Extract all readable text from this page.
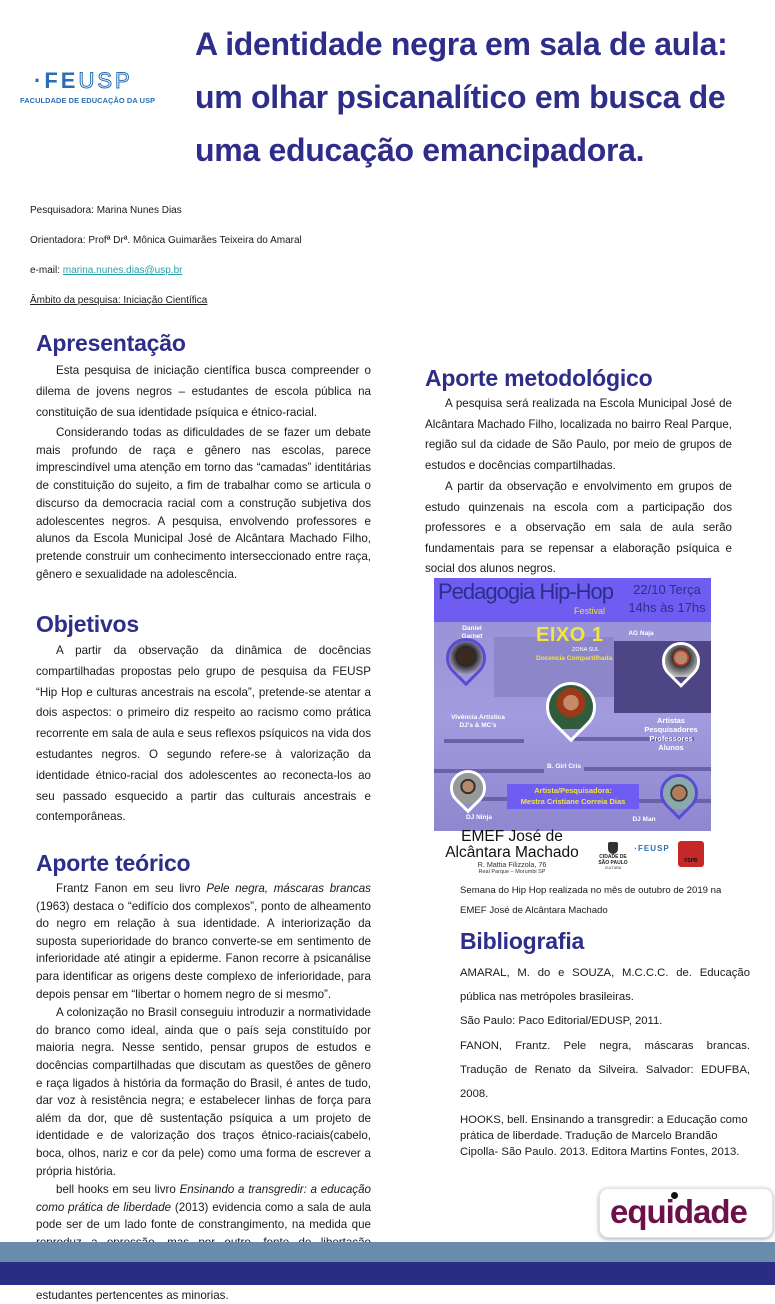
·FEUSP
FACULDADE DE EDUCAÇÃO DA USP
A identidade negra em sala de aula: um olhar psicanalítico em busca de uma educação emancipadora.
Pesquisadora: Marina Nunes Dias
Orientadora: Profª Drª. Mônica Guimarães Teixeira do Amaral
e-mail: marina.nunes.dias@usp.br
Âmbito da pesquisa: Iniciação Científica
Apresentação

Esta pesquisa de iniciação científica busca compreender o dilema de jovens negros – estudantes de escola pública na constituição de sua identidade psíquica e étnico-racial.

Considerando todas as dificuldades de se fazer um debate mais profundo de raça e gênero nas escolas, parece imprescindível uma atenção em torno das “camadas” identitárias de constituição do sujeito, a fim de trabalhar como se articula o discurso da democracia racial com a construção subjetiva dos adolescentes negros. A pesquisa, envolvendo professores e alunos da Escola Municipal José de Alcântara Machado Filho, pretende construir um conhecimento interseccionado entre raça, gênero e sexualidade na adolescência.

Objetivos

A partir da observação da dinâmica de docências compartilhadas propostas pelo grupo de pesquisa da FEUSP “Hip Hop e culturas ancestrais na escola”, pretende-se atentar a dois aspectos: o primeiro diz respeito ao racismo como prática recorrente em sala de aula e seus reflexos psíquicos na vida dos estudantes negros. O segundo refere-se à valorização da identidade étnico-racial dos adolescentes ao reconecta-los ao seu passado esquecido a partir das culturais ancestrais e contemporâneas.

Aporte teórico

Frantz Fanon em seu livro Pele negra, máscaras brancas (1963) destaca o “edifício dos complexos”, ponto de alheamento do negro em relação à sua identidade. A interiorização da suposta superioridade do branco converte-se em sentimento de inferioridade até atingir a epiderme. Fanon recorre à psicanálise para identificar as origens deste complexo de inferioridade, para depois pensar em “libertar o homem negro de si mesmo”.

A colonização no Brasil conseguiu introduzir a normatividade do branco como ideal, ainda que o país seja constituído por maioria negra. Nesse sentido, pensar grupos de estudos e docências compartilhadas que discutam as questões de gênero e raça ligados à história da formação do Brasil, é antes de tudo, dar voz à resistência negra; e estabelecer linhas de força para além da dor, que dê sustentação psíquica a um projeto de identidade e de valorização dos traços étnico-raciais(cabelo, boca, olhos, nariz e cor da pele) como uma forma de escrever a própria história.

bell hooks em seu livro Ensinando a transgredir: a educação como prática de liberdade (2013) evidencia como a sala de aula pode ser de um lado fonte de constrangimento, na medida que estudantes pertencentes as minorias.

Aporte metodológico

A pesquisa será realizada na Escola Municipal José de Alcântara Machado Filho, localizada no bairro Real Parque, região sul da cidade de São Paulo, por meio de grupos de estudos e docências compartilhadas.

A partir da observação e envolvimento em grupos de estudo quinzenais na escola com a participação dos professores e a observação em sala de aula serão fundamentais para se repensar a elaboração psíquica e social dos alunos negros.

Pedagogia Hip-Hop
Festival
22/10 Terça
14hs às 17hs
EIXO 1
ZONA SUL
Docencia Compartilhada
Daniel Garnet	AG Naja
B. Girl Cris
DJ Ninja	DJ Man
Vivência Artística DJ's & MC's
Artistas Pesquisadores Professores Alunos
Artista/Pesquisadora:
Mestra Cristiane Correia Dias
EMEF José de
Alcântara Machado
R. Mattia Filizzola, 76
Real Parque – Morumbi SP
CIDADE DE SÃO PAULO
CULTURA
·FEUSP
FSPB
Semana do Hip Hop realizada no mês de outubro de 2019 na EMEF José de Alcântara Machado
Bibliografia

AMARAL, M. do e SOUZA, M.C.C.C. de. Educação pública nas metrópoles brasileiras.

São Paulo: Paco Editorial/EDUSP, 2011.

FANON, Frantz. Pele negra, máscaras brancas. Tradução de Renato da Silveira. Salvador: EDUFBA, 2008.

HOOKS, bell. Ensinando a transgredir: a Educação como prática de liberdade. Tradução de Marcelo Brandão Cipolla- São Paulo. 2013. Editora Martins Fontes, 2013.

equidade
